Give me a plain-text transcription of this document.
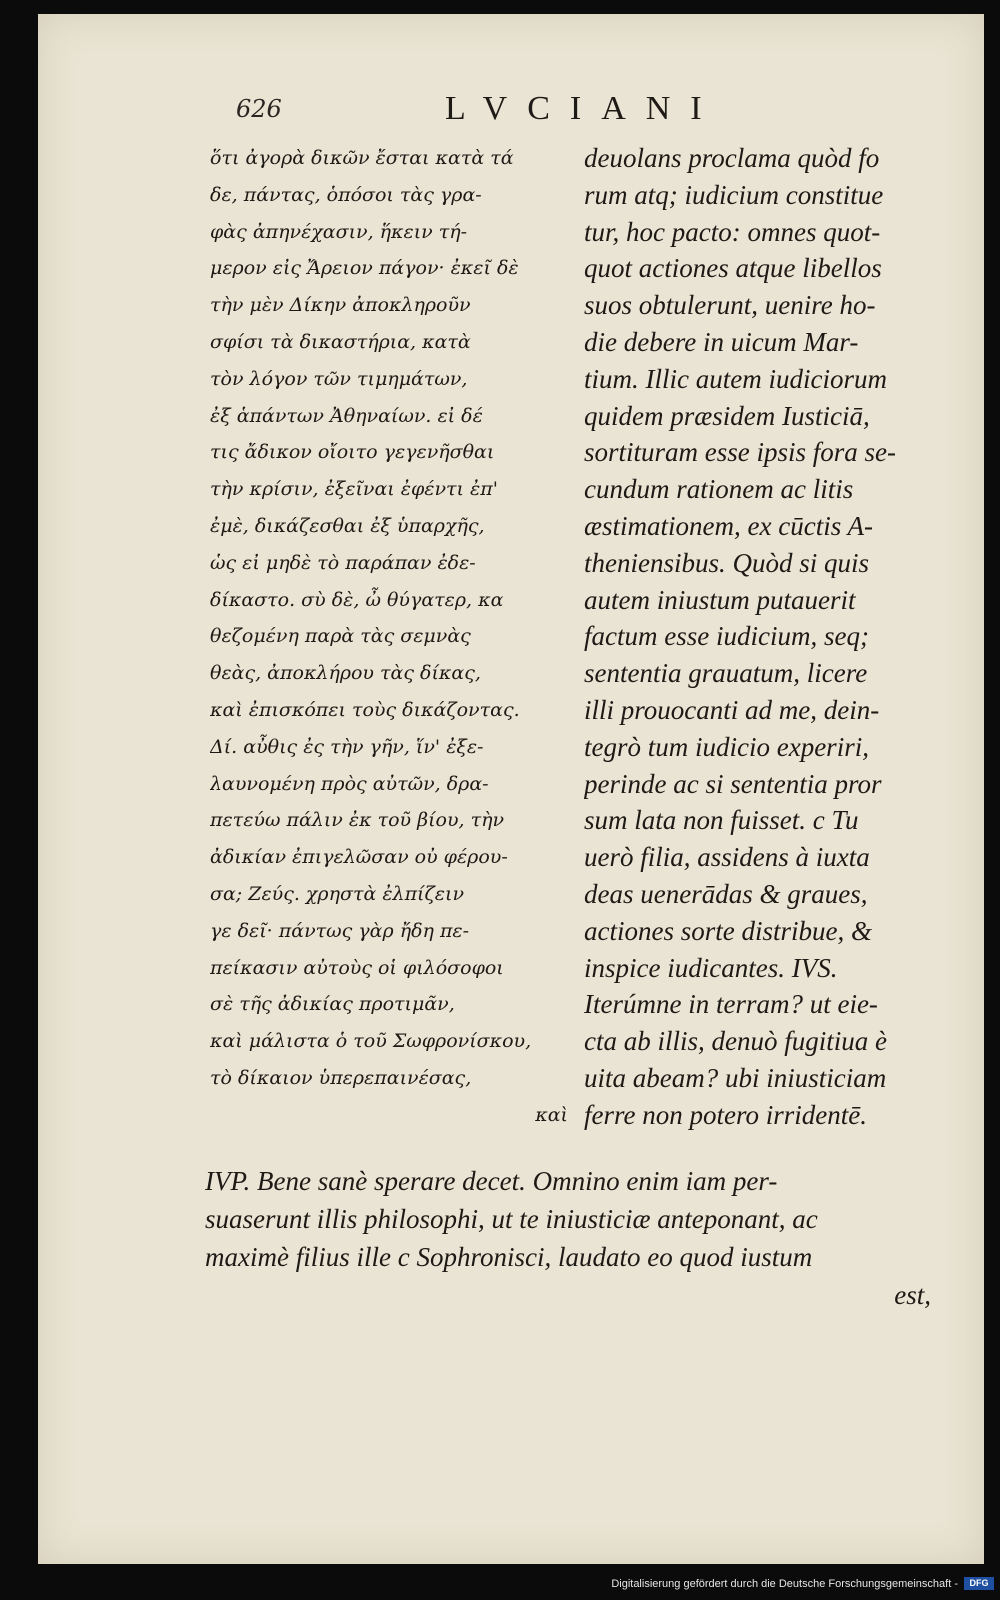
626	LVCIANI
ὅτι ἀγορὰ δικῶν ἔσται κατὰ τά
δε, πάντας, ὁπόσοι τὰς γρα-
φὰς ἀπηνέχασιν, ἥκειν τή-
μερον εἰς Ἄρειον πάγον· ἐκεῖ δὲ
τὴν μὲν Δίκην ἀποκληροῦν
σφίσι τὰ δικαστήρια, κατὰ
τὸν λόγον τῶν τιμημάτων,
ἐξ ἁπάντων Ἀθηναίων. εἰ δέ
τις ἄδικον οἴοιτο γεγενῆσθαι
τὴν κρίσιν, ἐξεῖναι ἐφέντι ἐπ'
ἐμὲ, δικάζεσθαι ἐξ ὑπαρχῆς,
ὡς εἰ μηδὲ τὸ παράπαν ἐδε-
δίκαστο. σὺ δὲ, ὦ θύγατερ, κα
θεζομένη παρὰ τὰς σεμνὰς
θεὰς, ἀποκλήρου τὰς δίκας,
καὶ ἐπισκόπει τοὺς δικάζοντας.
Δί. αὖθις ἐς τὴν γῆν, ἵν' ἐξε-
λαυνομένη πρὸς αὐτῶν, δρα-
πετεύω πάλιν ἐκ τοῦ βίου, τὴν
ἀδικίαν ἐπιγελῶσαν οὐ φέρου-
σα; Ζεύς. χρηστὰ ἐλπίζειν
γε δεῖ· πάντως γὰρ ἤδη πε-
πείκασιν αὐτοὺς οἱ φιλόσοφοι
σὲ τῆς ἀδικίας προτιμᾶν,
καὶ μάλιστα ὁ τοῦ Σωφρονίσκου,
τὸ δίκαιον ὑπερεπαινέσας,
καὶ
deuolans proclama quòd fo
rum atq; iudicium constitue
tur, hoc pacto: omnes quot-
quot actiones atque libellos
suos obtulerunt, uenire ho-
die debere in uicum Mar-
tium. Illic autem iudiciorum
quidem præsidem Iusticiā,
sortituram esse ipsis fora se-
cundum rationem ac litis
æstimationem, ex cūctis A-
theniensibus. Quòd si quis
autem iniustum putauerit
factum esse iudicium, seq;
sententia grauatum, licere
illi prouocanti ad me, dein-
tegrò tum iudicio experiri,
perinde ac si sententia pror
sum lata non fuisset. c Tu
uerò filia, assidens à iuxta
deas uenerādas & graues,
actiones sorte distribue, &
inspice iudicantes. IVS.
Iterúmne in terram? ut eie-
cta ab illis, denuò fugitiua è
uita abeam? ubi iniusticiam
ferre non potero irridentē.
IVP. Bene sanè sperare decet. Omnino enim iam per-
suaserunt illis philosophi, ut te iniusticiæ anteponant, ac
maximè filius ille c Sophronisci, laudato eo quod iustum
est,
Digitalisierung gefördert durch die Deutsche Forschungsgemeinschaft -	DFG
